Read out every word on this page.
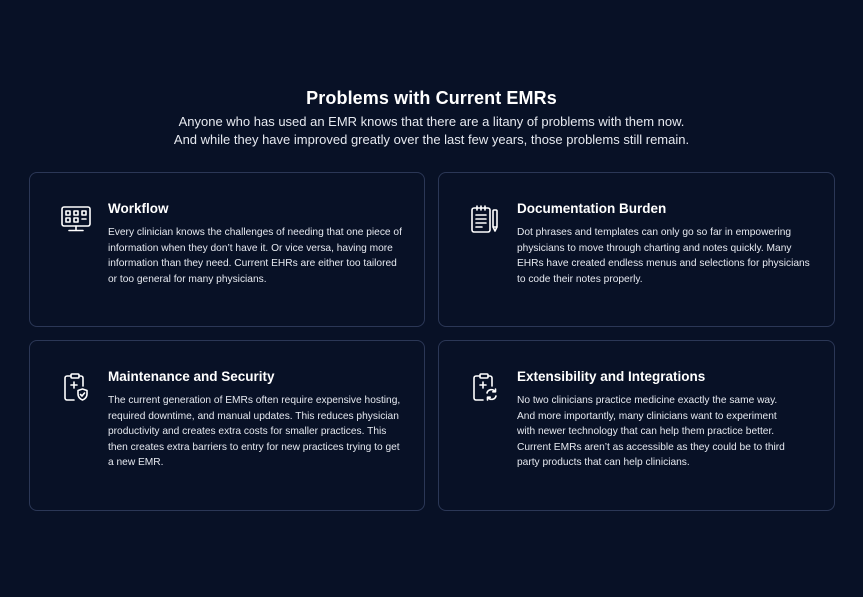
Problems with Current EMRs

Anyone who has used an EMR knows that there are a litany of problems with them now.
And while they have improved greatly over the last few years, those problems still remain.

Workflow

Every clinician knows the challenges of needing that one piece of information when they don’t have it. Or vice versa, having more information than they need. Current EHRs are either too tailored or too general for many physicians.

Documentation Burden

Dot phrases and templates can only go so far in empowering physicians to move through charting and notes quickly. Many EHRs have created endless menus and selections for physicians to code their notes properly.

Maintenance and Security

The current generation of EMRs often require expensive hosting, required downtime, and manual updates. This reduces physician productivity and creates extra costs for smaller practices. This then creates extra barriers to entry for new practices trying to get a new EMR.

Extensibility and Integrations

No two clinicians practice medicine exactly the same way. And more importantly, many clinicians want to experiment with newer technology that can help them practice better. Current EMRs aren’t as accessible as they could be to third party products that can help clinicians.
